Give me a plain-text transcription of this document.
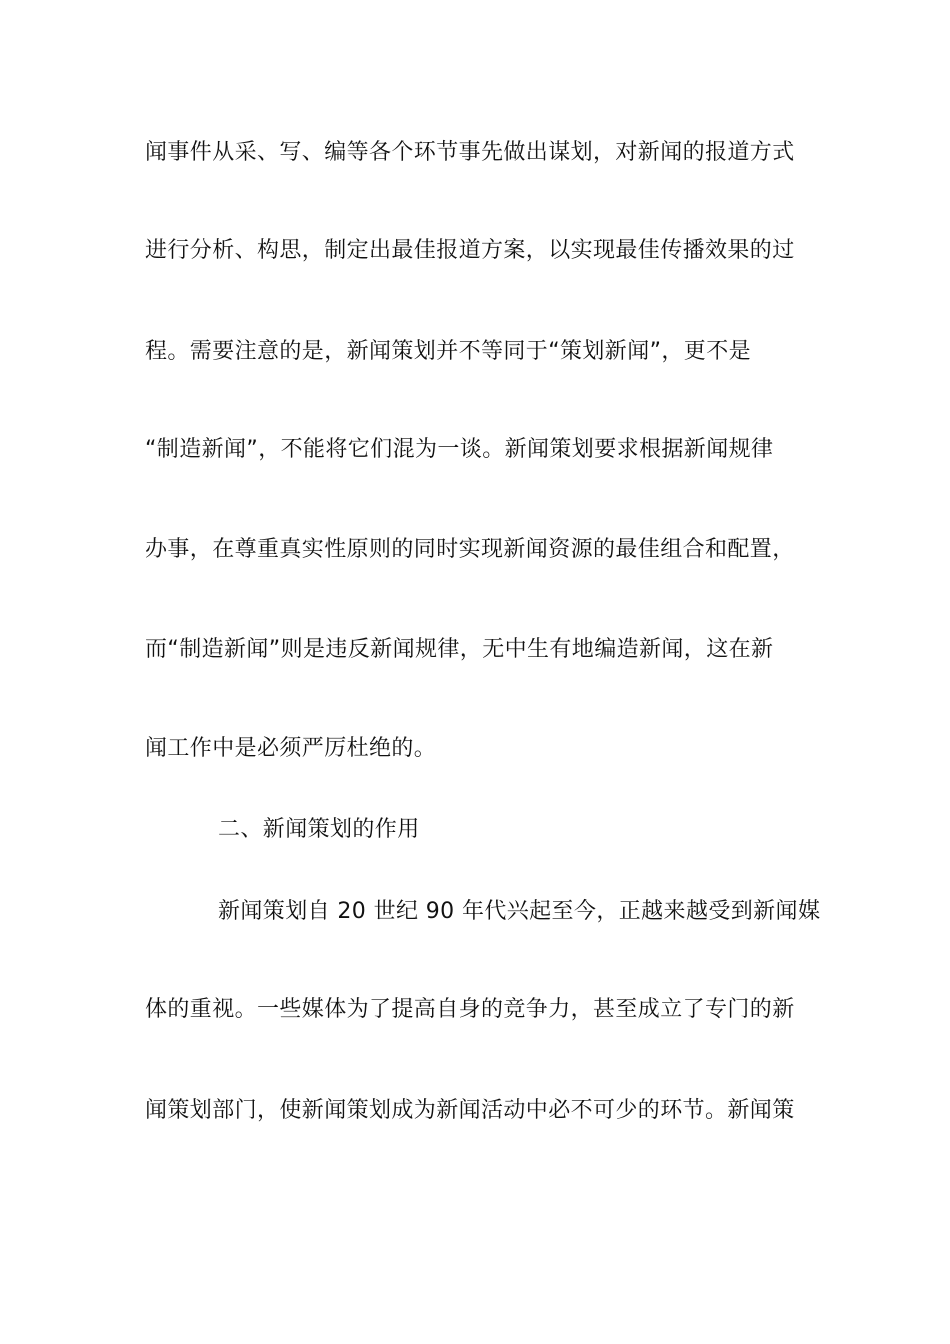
闻事件从采、写、编等各个环节事先做出谋划，对新闻的报道方式
进行分析、构思，制定出最佳报道方案，以实现最佳传播效果的过
程。需要注意的是，新闻策划并不等同于“策划新闻”，更不是
“制造新闻”，不能将它们混为一谈。新闻策划要求根据新闻规律
办事，在尊重真实性原则的同时实现新闻资源的最佳组合和配置，
而“制造新闻”则是违反新闻规律，无中生有地编造新闻，这在新
闻工作中是必须严厉杜绝的。
二、新闻策划的作用
新闻策划自 20 世纪 90 年代兴起至今，正越来越受到新闻媒
体的重视。一些媒体为了提高自身的竞争力，甚至成立了专门的新
闻策划部门，使新闻策划成为新闻活动中必不可少的环节。新闻策
